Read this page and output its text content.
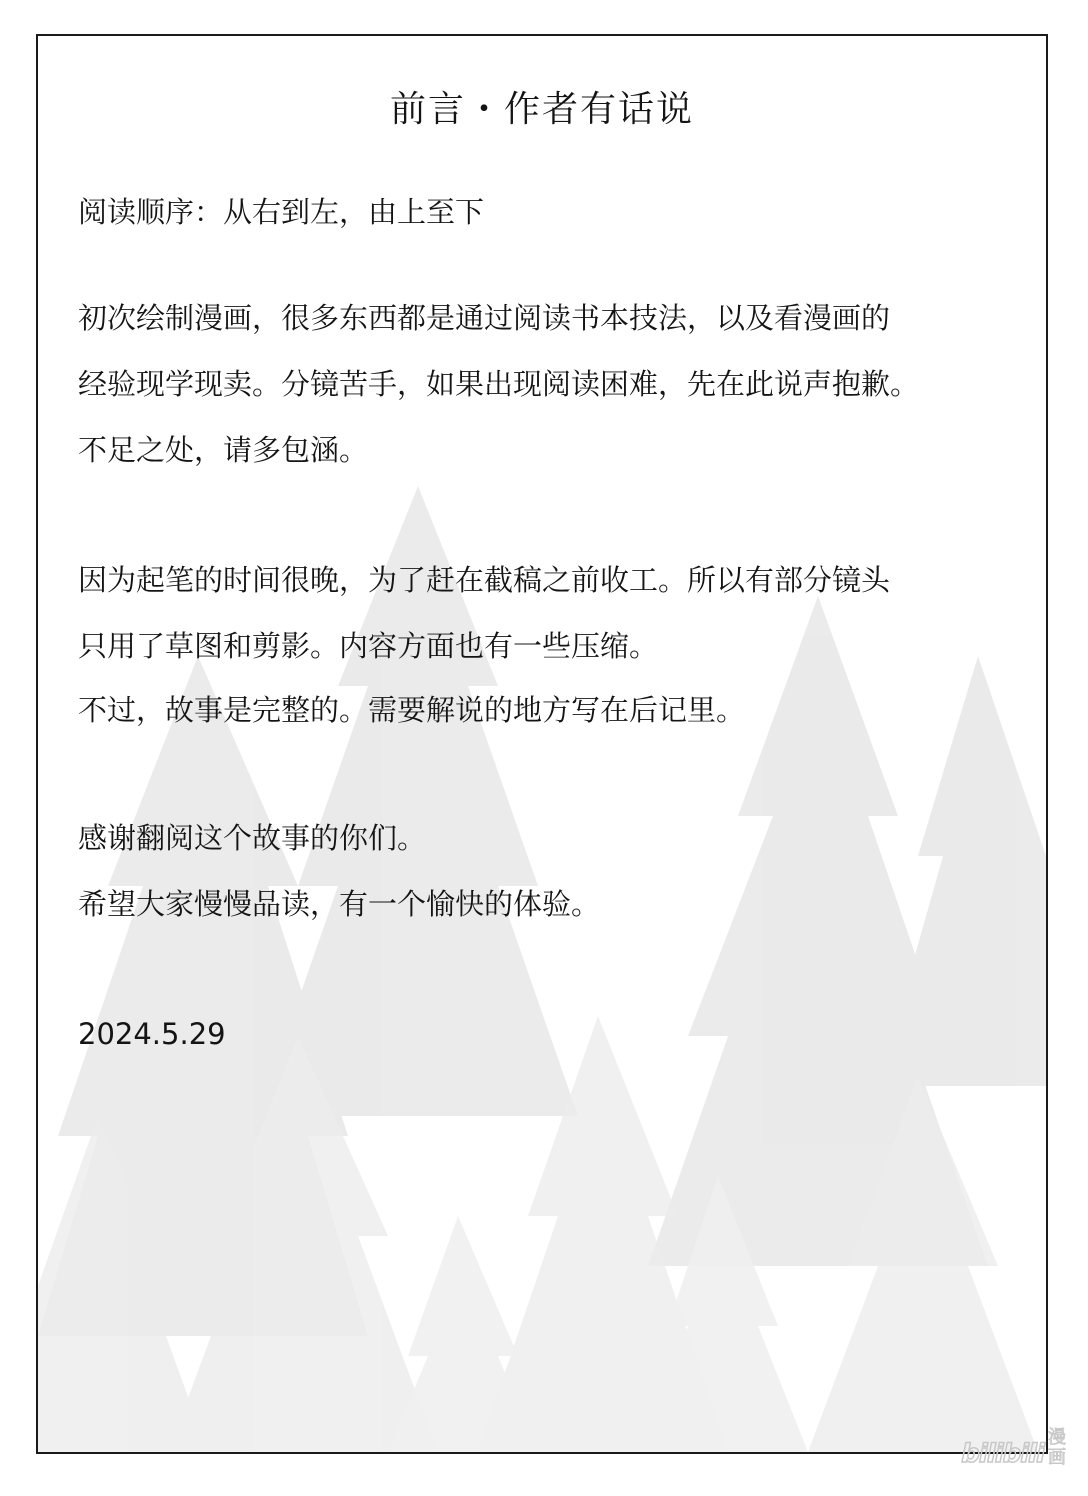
前言・作者有话说

阅读顺序：从右到左，由上至下

初次绘制漫画，很多东西都是通过阅读书本技法，以及看漫画的

经验现学现卖。分镜苦手，如果出现阅读困难，先在此说声抱歉。

不足之处，请多包涵。

因为起笔的时间很晚，为了赶在截稿之前收工。所以有部分镜头

只用了草图和剪影。内容方面也有一些压缩。

不过，故事是完整的。需要解说的地方写在后记里。

感谢翻阅这个故事的你们。

希望大家慢慢品读，有一个愉快的体验。

2024.5.29

bilibili
漫
画
